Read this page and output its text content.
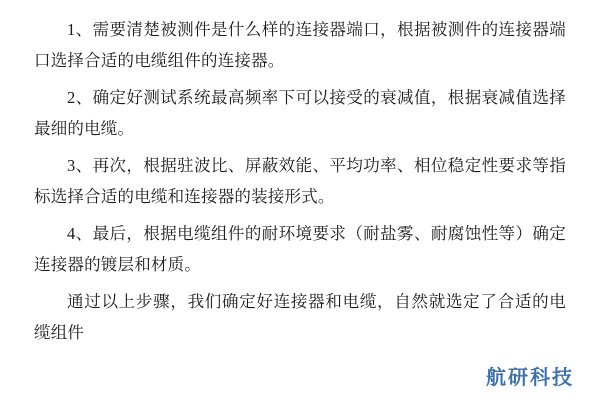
1、需要清楚被测件是什么样的连接器端口，根据被测件的连接器端口选择合适的电缆组件的连接器。

2、确定好测试系统最高频率下可以接受的衰减值，根据衰减值选择最细的电缆。

3、再次，根据驻波比、屏蔽效能、平均功率、相位稳定性要求等指标选择合适的电缆和连接器的装接形式。

4、最后，根据电缆组件的耐环境要求（耐盐雾、耐腐蚀性等）确定连接器的镀层和材质。

通过以上步骤，我们确定好连接器和电缆，自然就选定了合适的电缆组件

航研科技
